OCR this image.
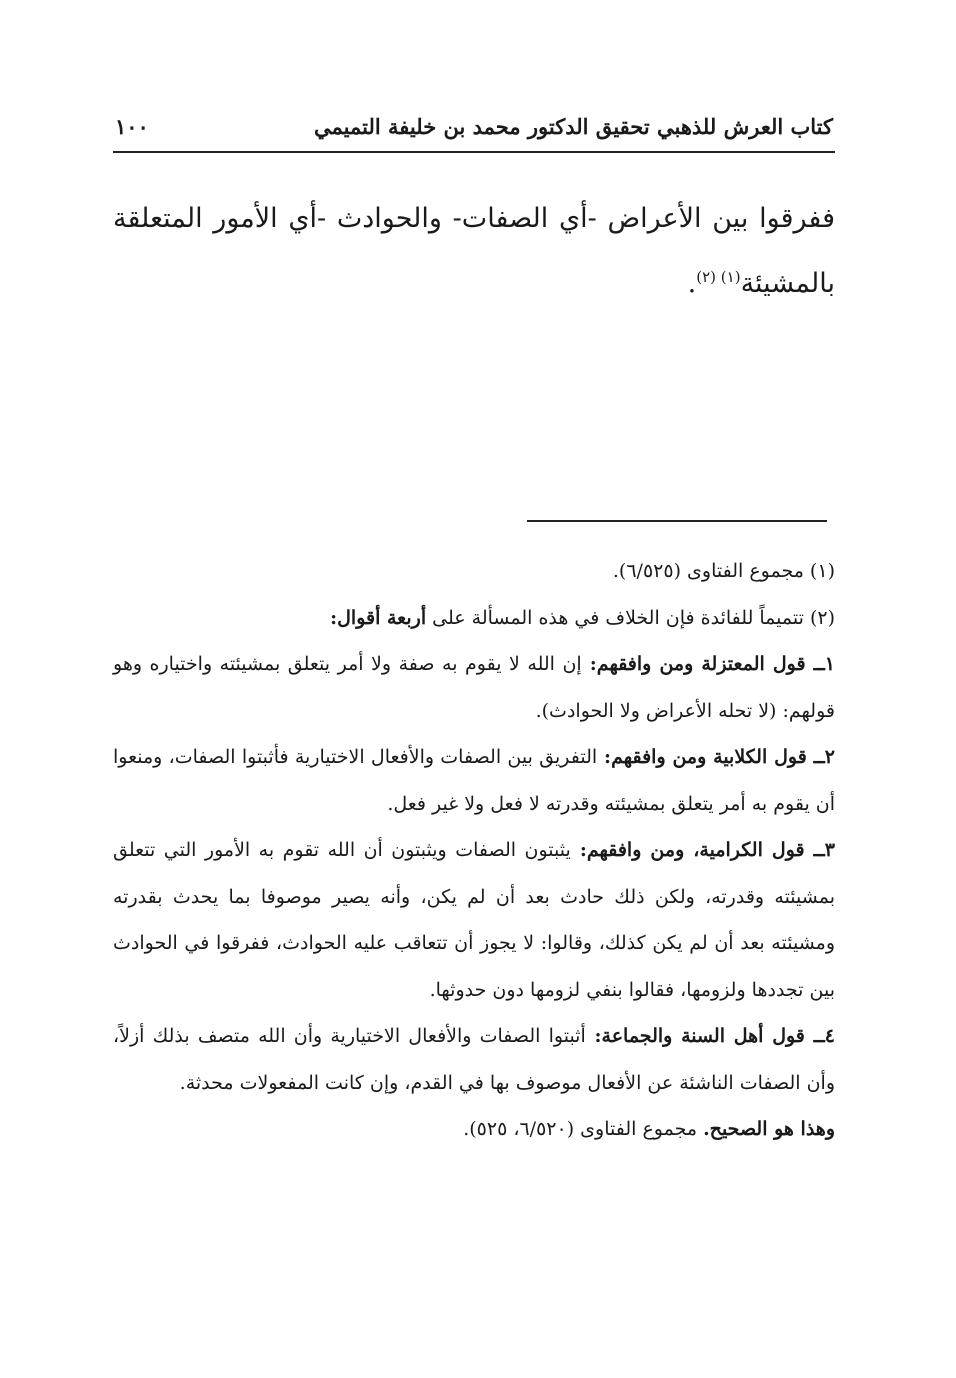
كتاب العرش للذهبي تحقيق الدكتور محمد بن خليفة التميمي
١٠٠
ففرقوا بين الأعراض -أي الصفات- والحوادث -أي الأمور المتعلقة بالمشيئة$^{(١) (٢)}$.

(١) مجموع الفتاوى (٦/٥٢٥).

(٢) تتميماً للفائدة فإن الخلاف في هذه المسألة على أربعة أقوال:

١ــ قول المعتزلة ومن وافقهم: إن الله لا يقوم به صفة ولا أمر يتعلق بمشيئته واختياره وهو قولهم: (لا تحله الأعراض ولا الحوادث).

٢ــ قول الكلابية ومن وافقهم: التفريق بين الصفات والأفعال الاختيارية فأثبتوا الصفات، ومنعوا أن يقوم به أمر يتعلق بمشيئته وقدرته لا فعل ولا غير فعل.

٣ــ قول الكرامية، ومن وافقهم: يثبتون الصفات ويثبتون أن الله تقوم به الأمور التي تتعلق بمشيئته وقدرته، ولكن ذلك حادث بعد أن لم يكن، وأنه يصير موصوفا بما يحدث بقدرته ومشيئته بعد أن لم يكن كذلك، وقالوا: لا يجوز أن تتعاقب عليه الحوادث، ففرقوا في الحوادث بين تجددها ولزومها، فقالوا بنفي لزومها دون حدوثها.

٤ــ قول أهل السنة والجماعة: أثبتوا الصفات والأفعال الاختيارية وأن الله متصف بذلك أزلاً، وأن الصفات الناشئة عن الأفعال موصوف بها في القدم، وإن كانت المفعولات محدثة.

وهذا هو الصحيح. مجموع الفتاوى (٦/٥٢٠، ٥٢٥).
